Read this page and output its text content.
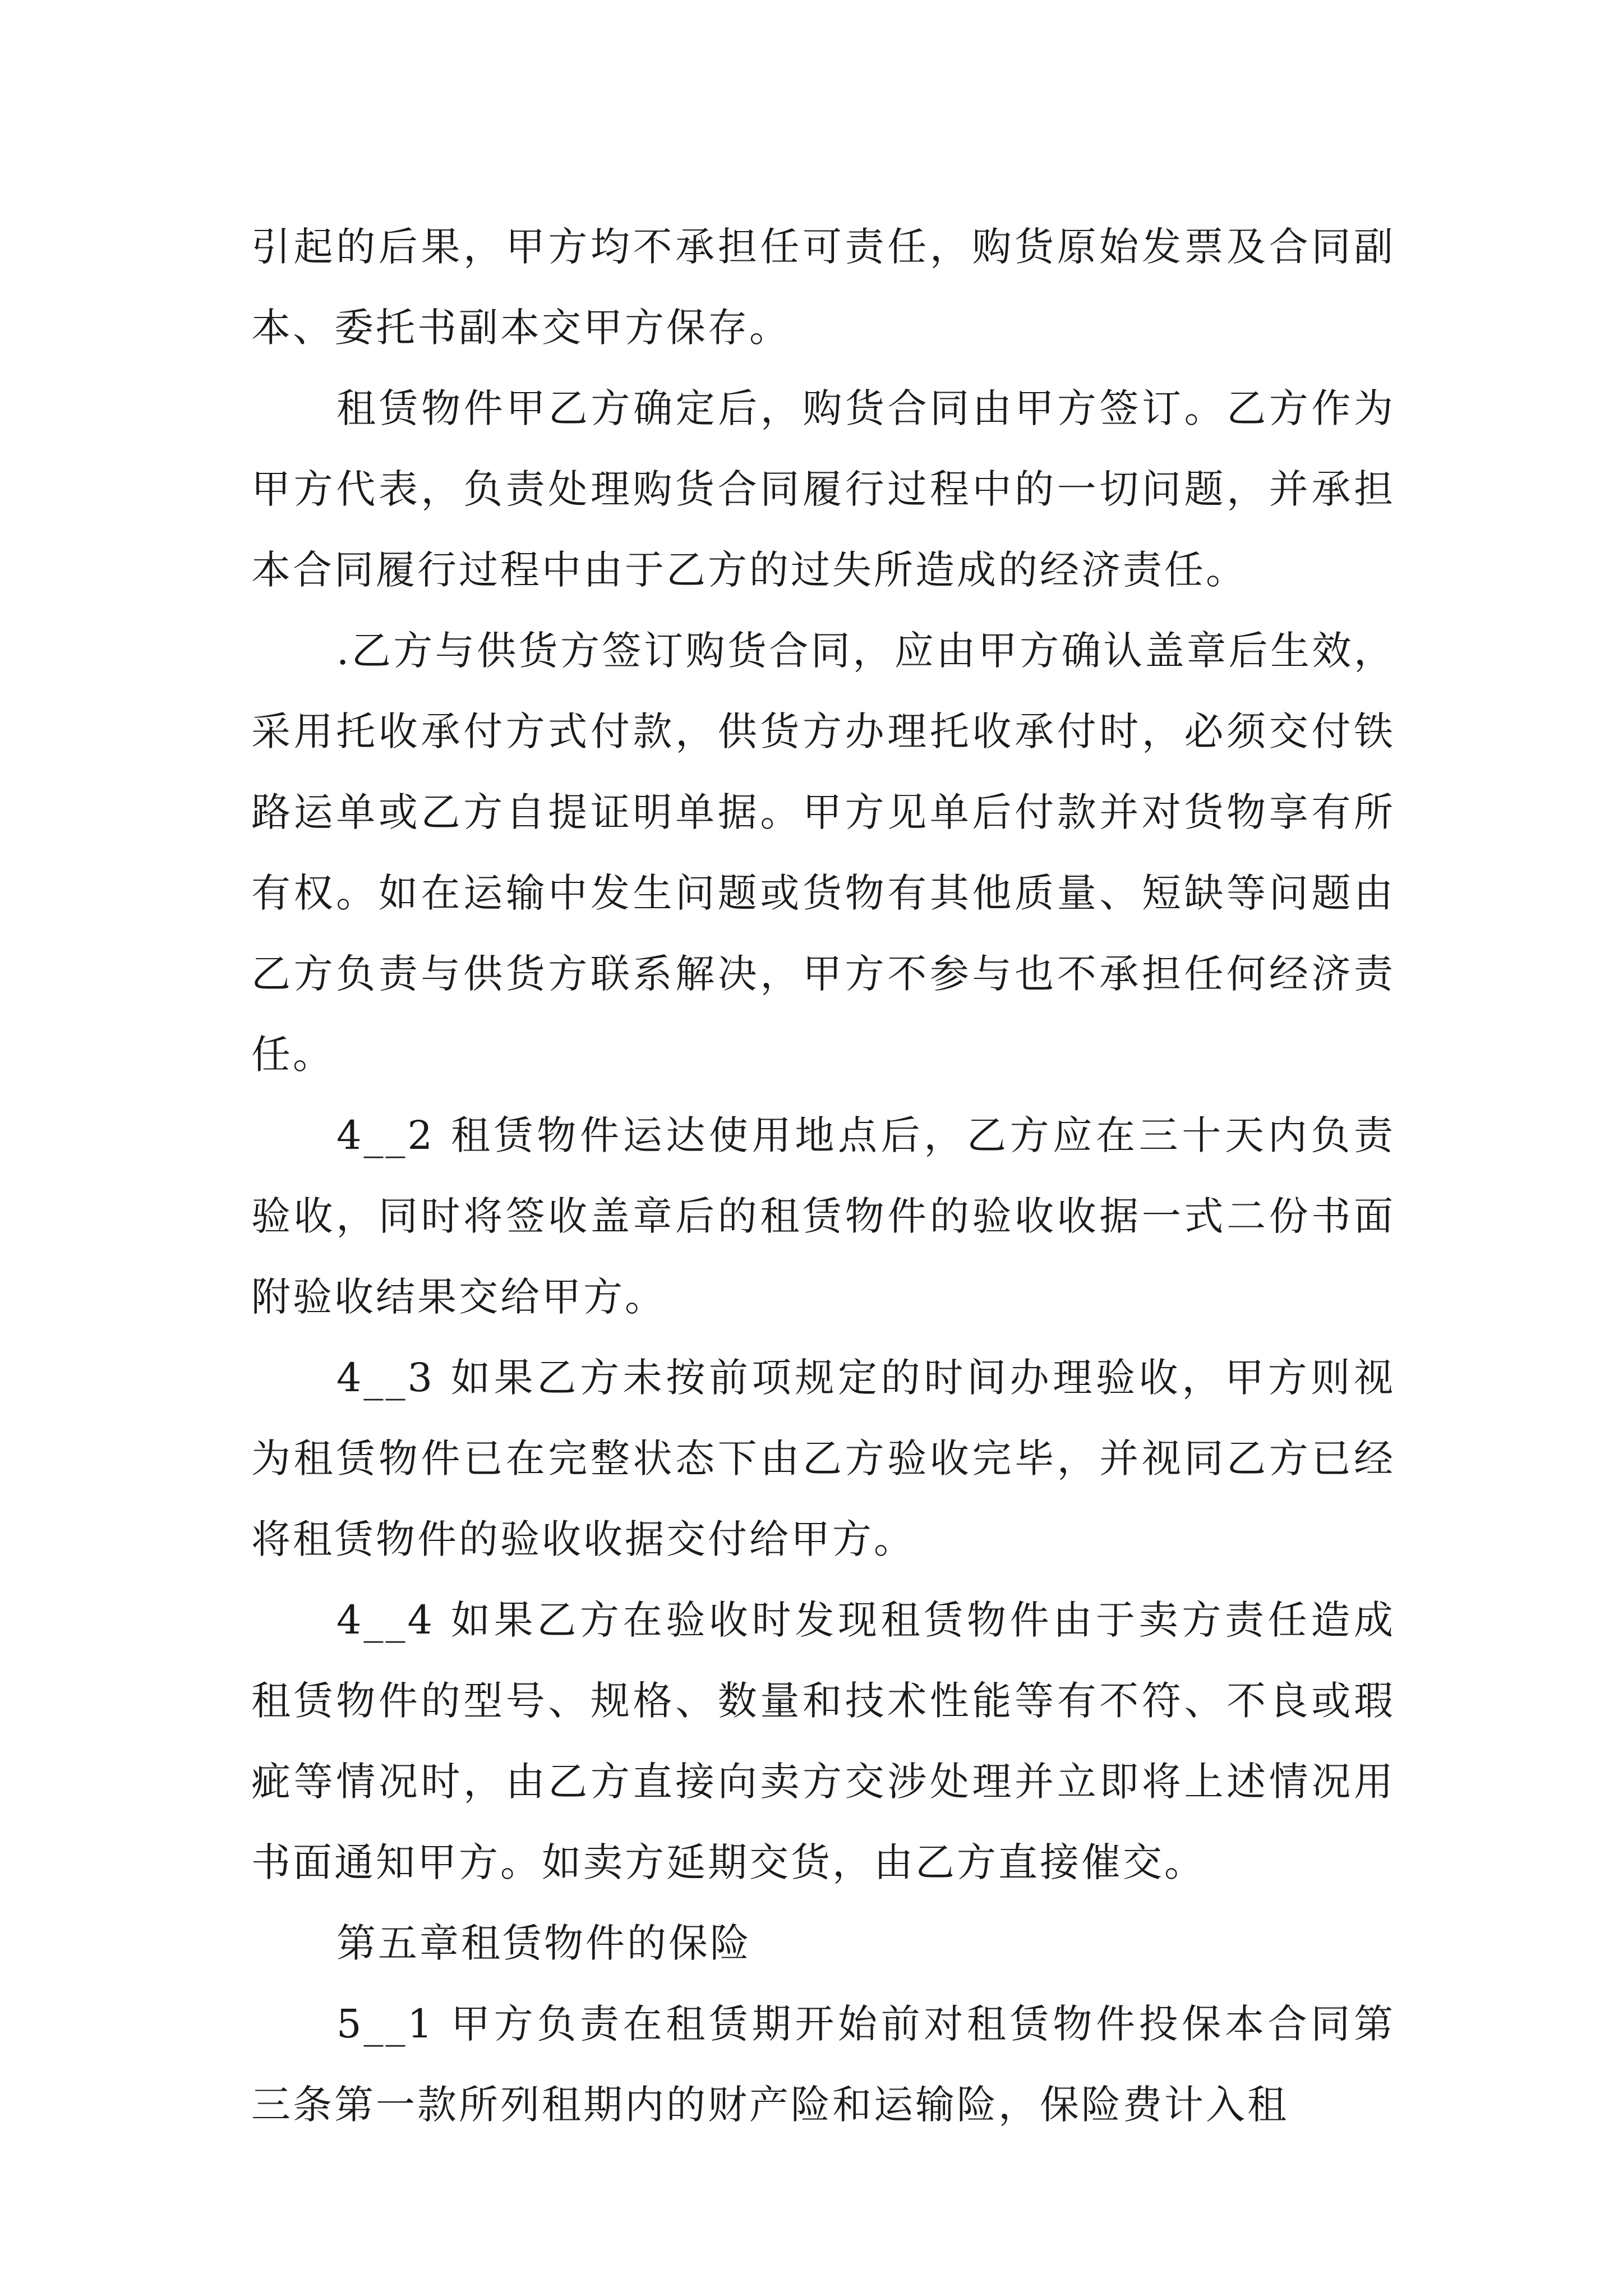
引起的后果，甲方均不承担任可责任，购货原始发票及合同副本、委托书副本交甲方保存。

租赁物件甲乙方确定后，购货合同由甲方签订。乙方作为甲方代表，负责处理购货合同履行过程中的一切问题，并承担本合同履行过程中由于乙方的过失所造成的经济责任。

.乙方与供货方签订购货合同，应由甲方确认盖章后生效，采用托收承付方式付款，供货方办理托收承付时，必须交付铁路运单或乙方自提证明单据。甲方见单后付款并对货物享有所有权。如在运输中发生问题或货物有其他质量、短缺等问题由乙方负责与供货方联系解决，甲方不参与也不承担任何经济责任。

4__2 租赁物件运达使用地点后，乙方应在三十天内负责验收，同时将签收盖章后的租赁物件的验收收据一式二份书面附验收结果交给甲方。

4__3 如果乙方未按前项规定的时间办理验收，甲方则视为租赁物件已在完整状态下由乙方验收完毕，并视同乙方已经将租赁物件的验收收据交付给甲方。

4__4 如果乙方在验收时发现租赁物件由于卖方责任造成租赁物件的型号、规格、数量和技术性能等有不符、不良或瑕疵等情况时，由乙方直接向卖方交涉处理并立即将上述情况用书面通知甲方。如卖方延期交货，由乙方直接催交。

第五章租赁物件的保险

5__1 甲方负责在租赁期开始前对租赁物件投保本合同第三条第一款所列租期内的财产险和运输险，保险费计入租
